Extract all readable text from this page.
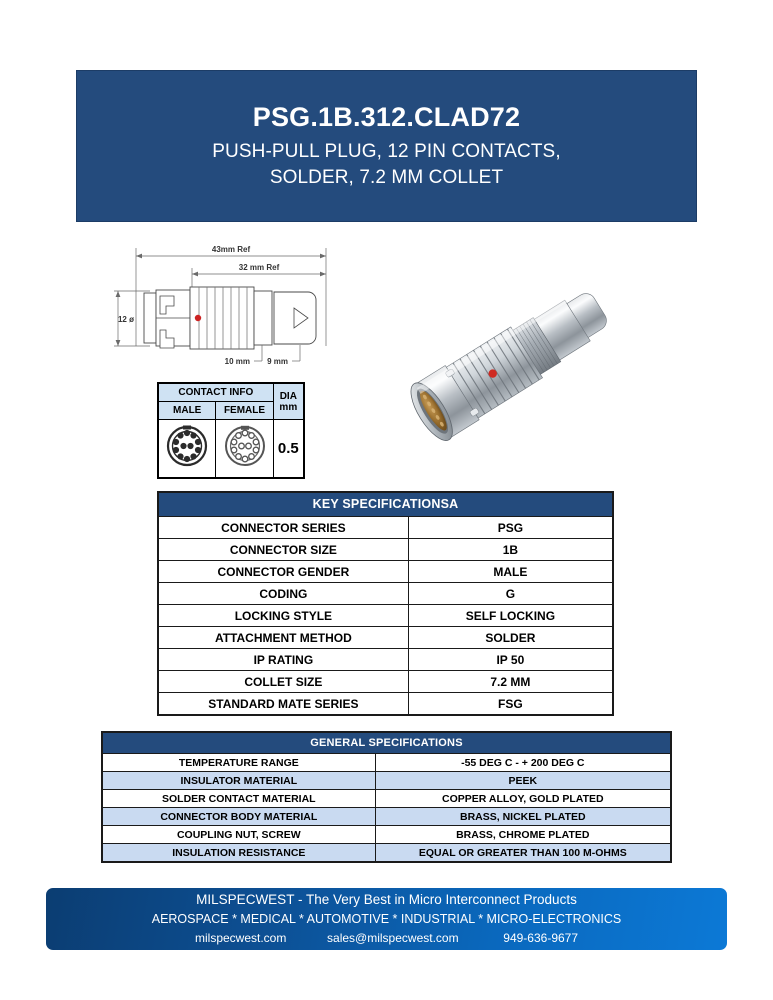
PSG.1B.312.CLAD72
PUSH-PULL PLUG, 12 PIN CONTACTS,
SOLDER, 7.2 MM COLLET
43mm Ref
32 mm Ref
12 ø
10 mm 9 mm
CONTACT INFO		DIA
mm
MALE	FEMALE	
		0.5
KEY SPECIFICATIONSA	
CONNECTOR SERIES	PSG
CONNECTOR SIZE	1B
CONNECTOR GENDER	MALE
CODING	G
LOCKING STYLE	SELF LOCKING
ATTACHMENT METHOD	SOLDER
IP RATING	IP 50
COLLET SIZE	7.2 MM
STANDARD MATE SERIES	FSG
GENERAL SPECIFICATIONS	
TEMPERATURE RANGE	-55 DEG C - + 200 DEG C
INSULATOR MATERIAL	PEEK
SOLDER CONTACT MATERIAL	COPPER ALLOY, GOLD PLATED
CONNECTOR BODY MATERIAL	BRASS, NICKEL PLATED
COUPLING NUT, SCREW	BRASS, CHROME PLATED
INSULATION RESISTANCE	EQUAL OR GREATER THAN 100 M-OHMS
MILSPECWEST - The Very Best in Micro Interconnect Products
AEROSPACE * MEDICAL * AUTOMOTIVE * INDUSTRIAL * MICRO-ELECTRONICS
milspecwest.com	sales@milspecwest.com	949-636-9677
